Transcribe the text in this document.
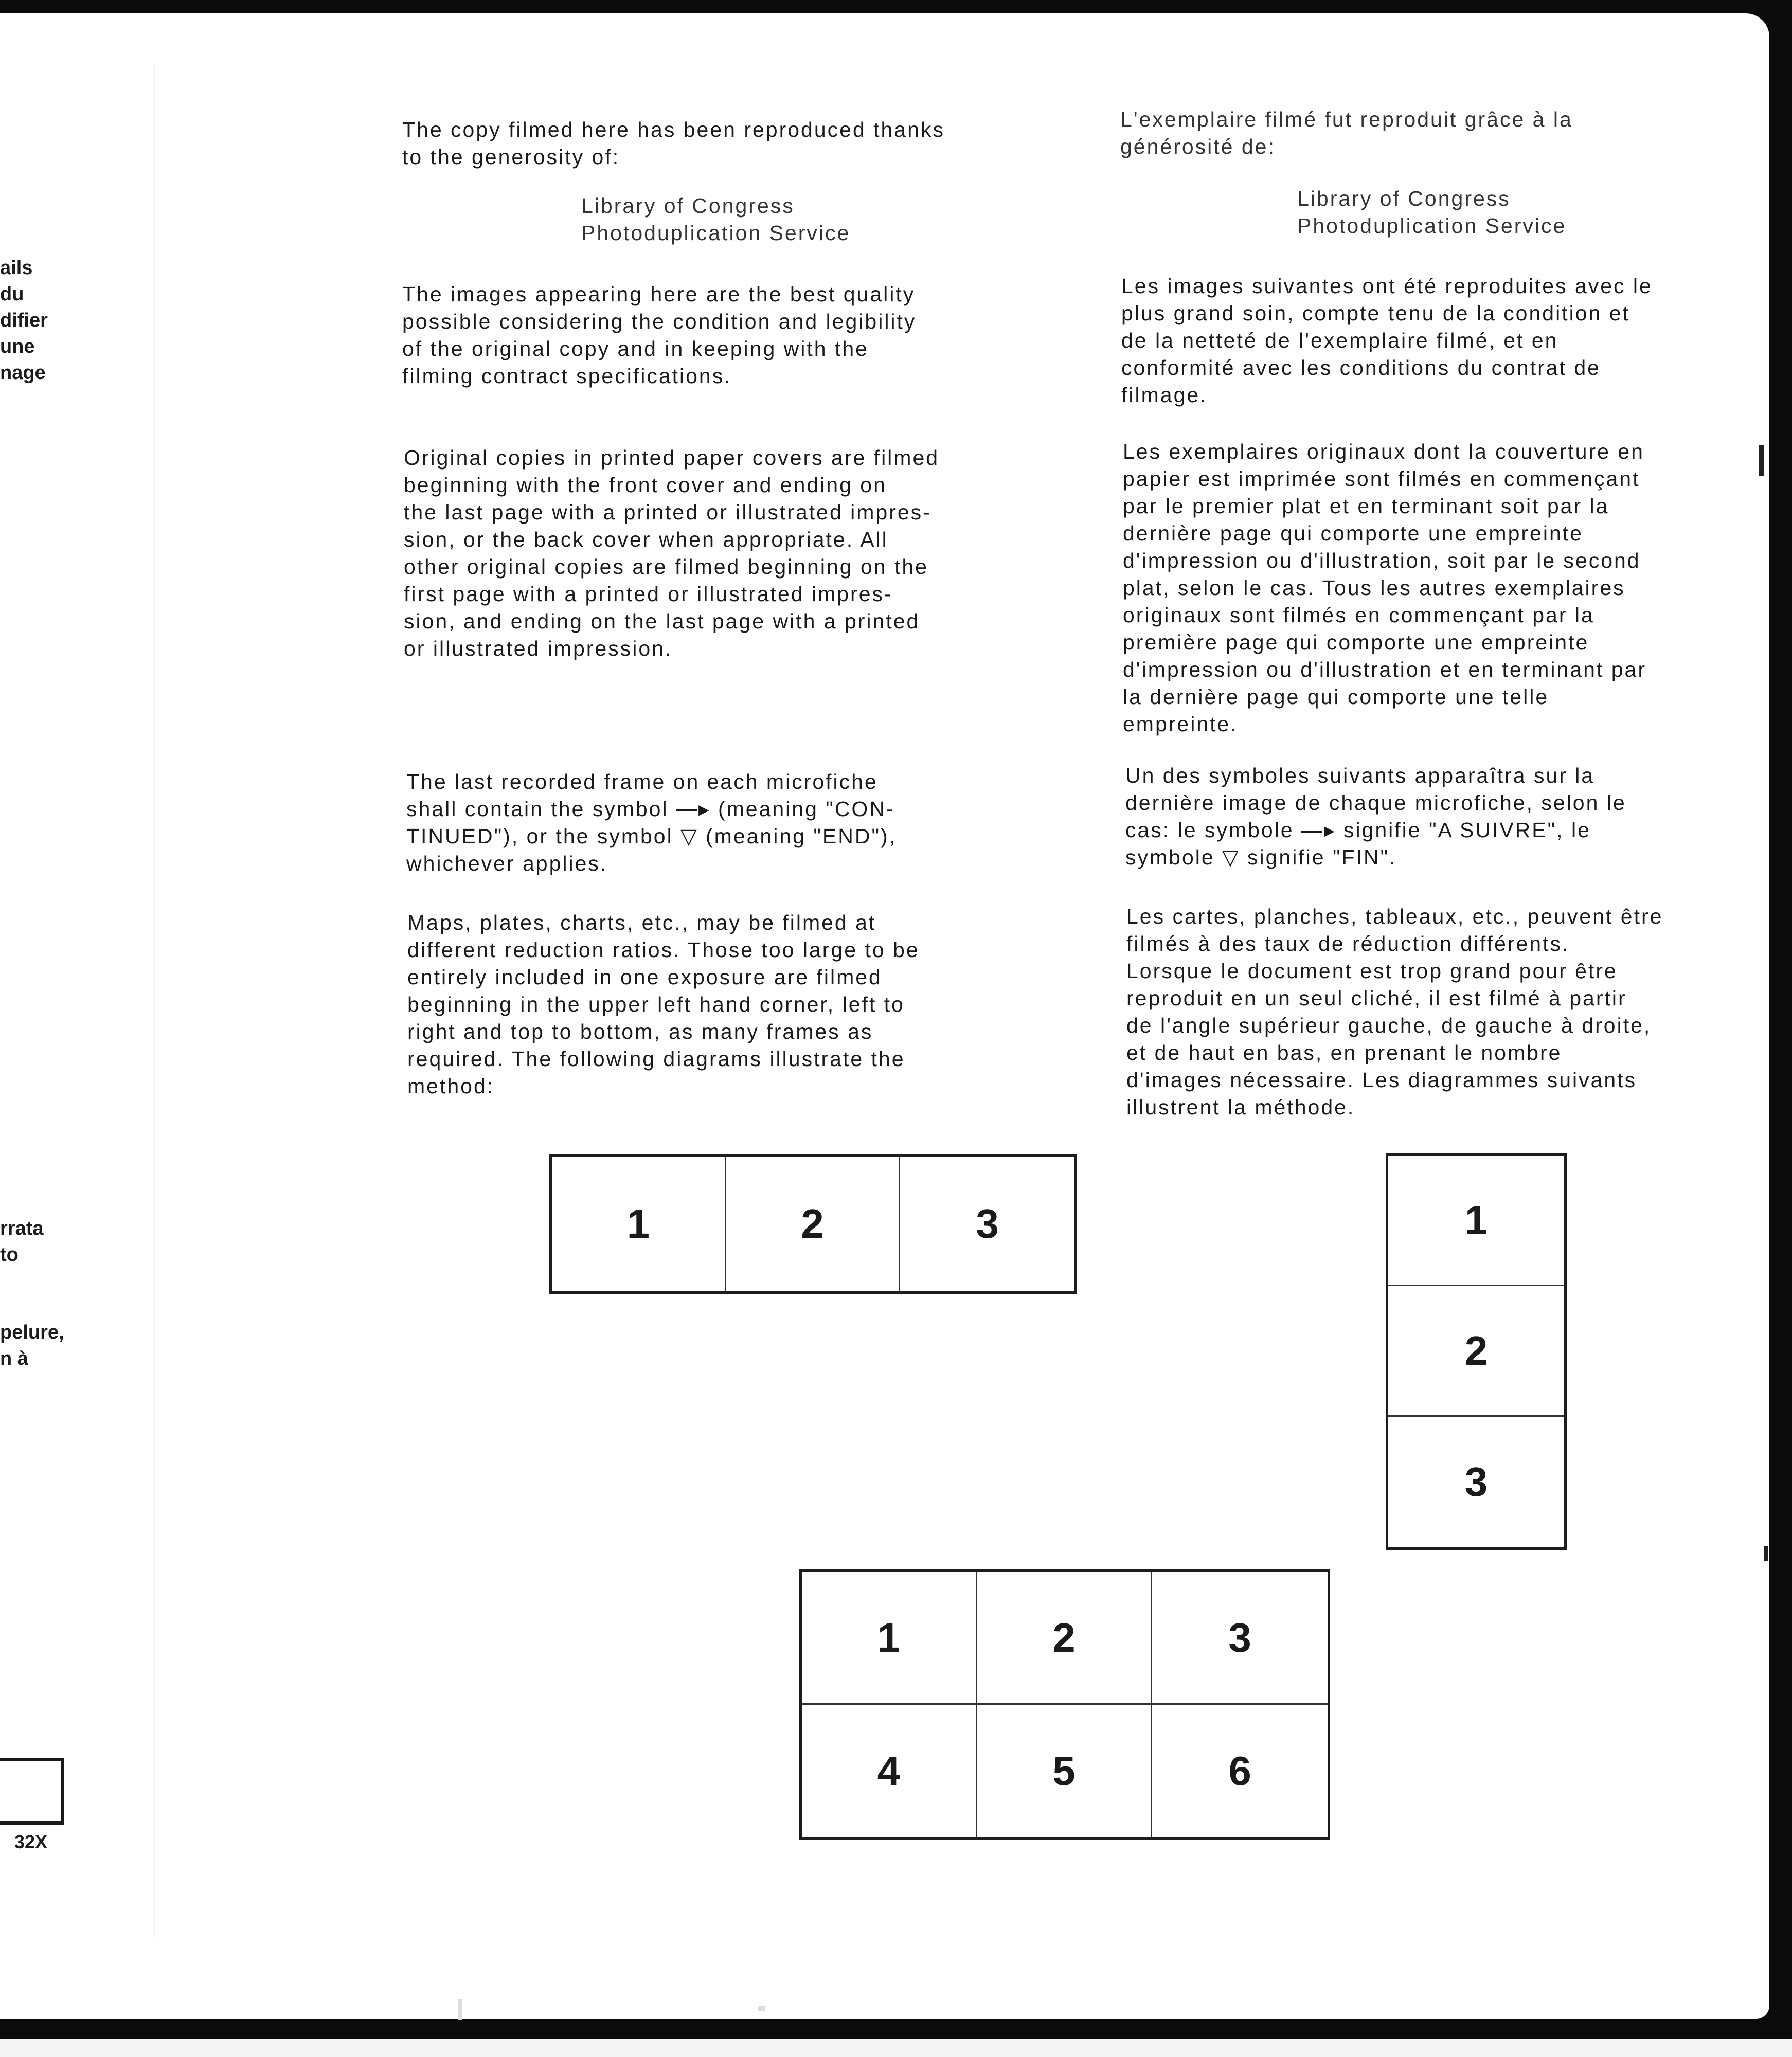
ails
du
difier
une
nage
rrata
to
pelure,
n à
32X
The copy filmed here has been reproduced thanks
to the generosity of:
Library of Congress
Photoduplication Service
The images appearing here are the best quality
possible considering the condition and legibility
of the original copy and in keeping with the
filming contract specifications.
Original copies in printed paper covers are filmed
beginning with the front cover and ending on
the last page with a printed or illustrated impres-
sion, or the back cover when appropriate. All
other original copies are filmed beginning on the
first page with a printed or illustrated impres-
sion, and ending on the last page with a printed
or illustrated impression.
The last recorded frame on each microfiche
shall contain the symbol —▸ (meaning "CON-
TINUED"), or the symbol ▽ (meaning "END"),
whichever applies.
Maps, plates, charts, etc., may be filmed at
different reduction ratios. Those too large to be
entirely included in one exposure are filmed
beginning in the upper left hand corner, left to
right and top to bottom, as many frames as
required. The following diagrams illustrate the
method:
L'exemplaire filmé fut reproduit grâce à la
générosité de:
Library of Congress
Photoduplication Service
Les images suivantes ont été reproduites avec le
plus grand soin, compte tenu de la condition et
de la netteté de l'exemplaire filmé, et en
conformité avec les conditions du contrat de
filmage.
Les exemplaires originaux dont la couverture en
papier est imprimée sont filmés en commençant
par le premier plat et en terminant soit par la
dernière page qui comporte une empreinte
d'impression ou d'illustration, soit par le second
plat, selon le cas. Tous les autres exemplaires
originaux sont filmés en commençant par la
première page qui comporte une empreinte
d'impression ou d'illustration et en terminant par
la dernière page qui comporte une telle
empreinte.
Un des symboles suivants apparaîtra sur la
dernière image de chaque microfiche, selon le
cas: le symbole —▸ signifie "A SUIVRE", le
symbole ▽ signifie "FIN".
Les cartes, planches, tableaux, etc., peuvent être
filmés à des taux de réduction différents.
Lorsque le document est trop grand pour être
reproduit en un seul cliché, il est filmé à partir
de l'angle supérieur gauche, de gauche à droite,
et de haut en bas, en prenant le nombre
d'images nécessaire. Les diagrammes suivants
illustrent la méthode.
1	2	3	1
2
3
1	2	3
4	5	6
